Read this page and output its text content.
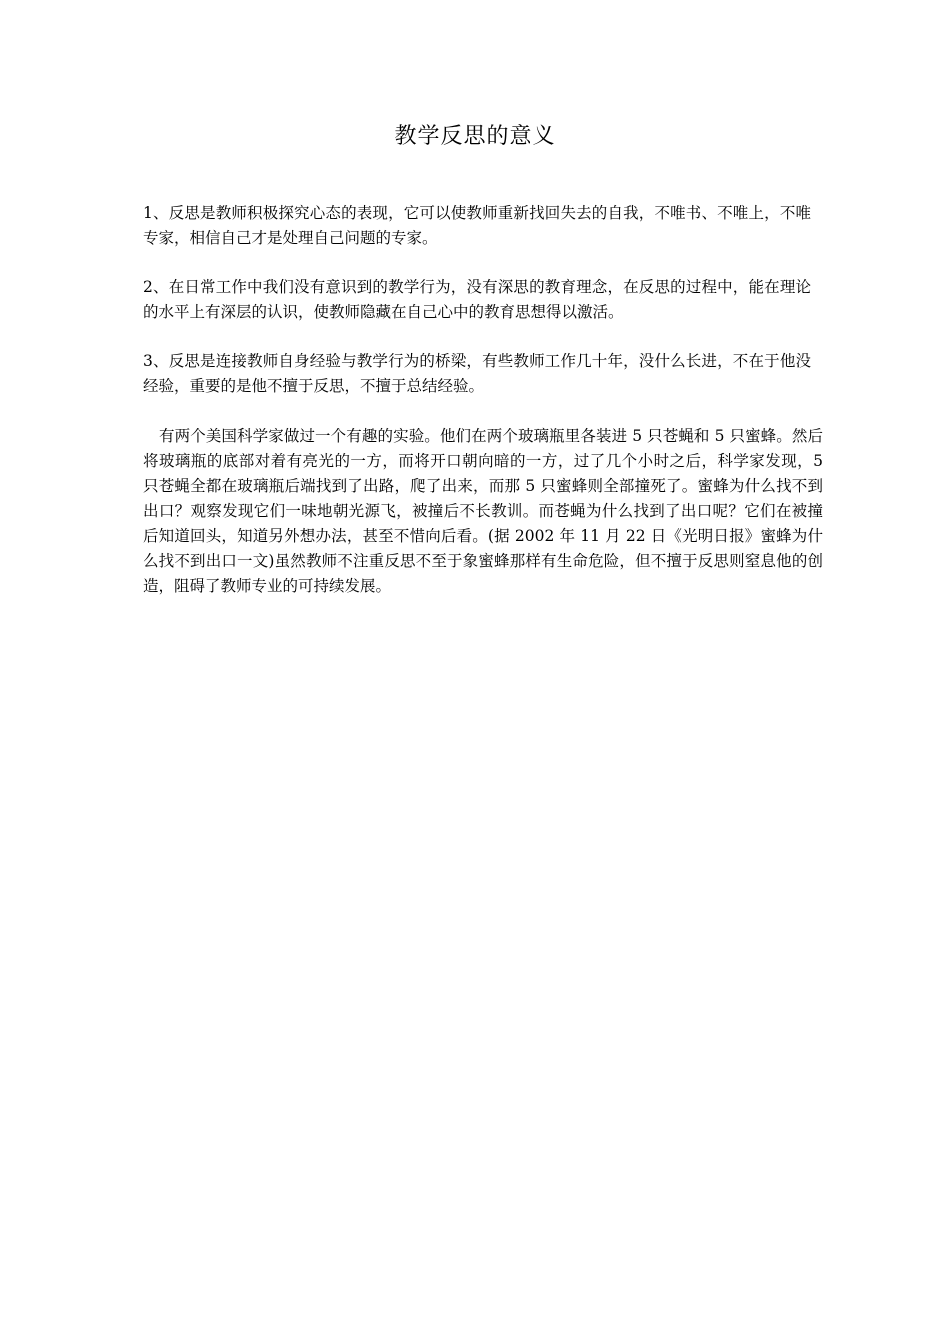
教学反思的意义

1、反思是教师积极探究心态的表现，它可以使教师重新找回失去的自我，不唯书、不唯上，不唯专家，相信自己才是处理自己问题的专家。

2、在日常工作中我们没有意识到的教学行为，没有深思的教育理念，在反思的过程中，能在理论的水平上有深层的认识，使教师隐藏在自己心中的教育思想得以激活。

3、反思是连接教师自身经验与教学行为的桥梁，有些教师工作几十年，没什么长进，不在于他没经验，重要的是他不擅于反思，不擅于总结经验。

有两个美国科学家做过一个有趣的实验。他们在两个玻璃瓶里各装进 5 只苍蝇和 5 只蜜蜂。然后将玻璃瓶的底部对着有亮光的一方，而将开口朝向暗的一方，过了几个小时之后，科学家发现，5 只苍蝇全都在玻璃瓶后端找到了出路，爬了出来，而那 5 只蜜蜂则全部撞死了。蜜蜂为什么找不到出口？观察发现它们一味地朝光源飞，被撞后不长教训。而苍蝇为什么找到了出口呢？它们在被撞后知道回头，知道另外想办法，甚至不惜向后看。(据 2002 年 11 月 22 日《光明日报》蜜蜂为什么找不到出口一文)虽然教师不注重反思不至于象蜜蜂那样有生命危险，但不擅于反思则窒息他的创造，阻碍了教师专业的可持续发展。
